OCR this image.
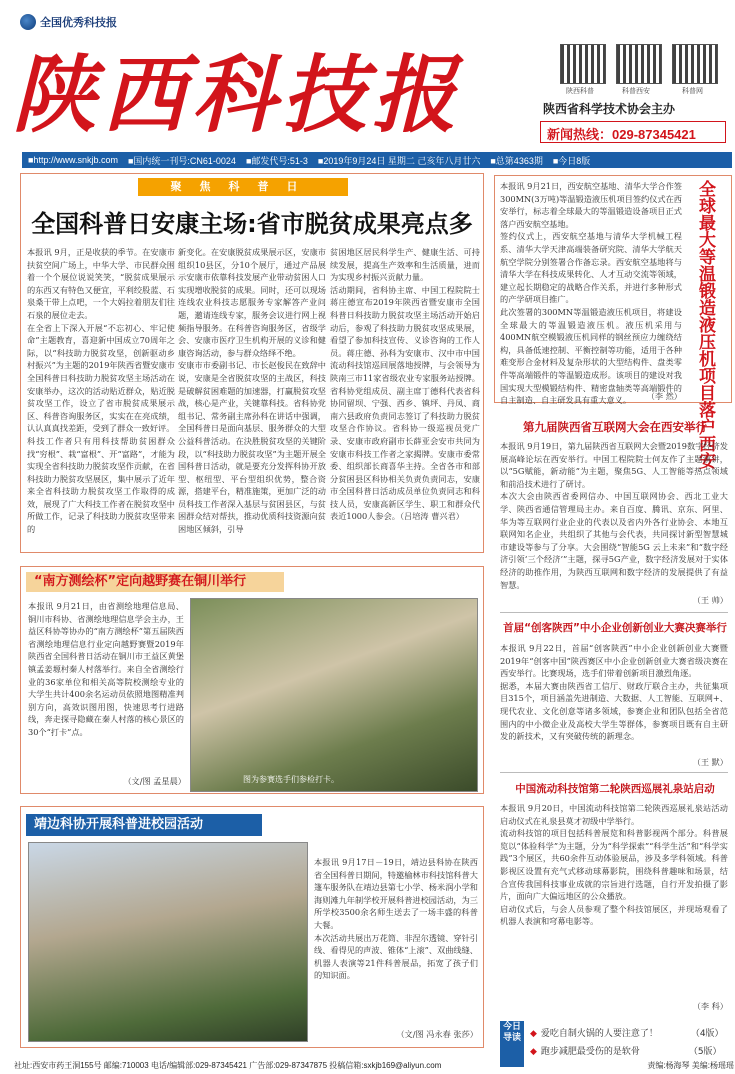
全国优秀科技报
陕西科技报	陕西科普	科普西安	科普网
陕西省科学技术协会主办
新闻热线：029-87345421
■http://www.snkjb.com ■国内统一刊号:CN61-0024 ■邮发代号:51-3 ■2019年9月24日 星期二 己亥年八月廿六 ■总第4363期 ■今日8版
聚焦科普日
全国科普日安康主场:省市脱贫成果亮点多
本报讯 9月，正是收获的季节。在安康市扶贫空间广场上，中华大学、市民群众围着一个个展位说说笑笑，“脱贫成果展示的东西又有特色又便宜，平利绞股蓝、石泉桑干带上点吧，一个大妈拉着朋友们往石泉的展位走去。
在全省上下深入开展“不忘初心、牢记使命”主题教育，喜迎新中国成立70周年之际，以“科技助力脱贫攻坚，创新驱动乡村振兴”为主题的2019年陕西省暨安康市全国科普日科技助力脱贫攻坚主场活动在安康举办，这次的活动贴近群众，贴近脱贫攻坚工作，设立了省市脱贫成果展示区、科普咨询服务区，实实在在亮成绩，认认真真找差距，受到了群众一致好评。
科技工作者只有用科技帮助贫困群众找“穷根”、栽“富根”、开“富路”，才能为实现全省科技助力脱贫攻坚作贡献，在省科技助力脱贫攻坚展区，集中展示了近年来全省科技助力脱贫攻坚工作取得的成效，展现了广大科技工作者在脱贫攻坚中所做工作，记录了科技助力脱贫攻坚带来的
新变化。在安康脱贫成果展示区，安康市组织10县区，分10个展厅，通过产品展示安康市依靠科技发展产业带动贫困人口实现增收脱贫的成果。同时，还可以现场连线农业科技志愿服务专家解答产业问题，邀请连线专家，服务会议进行网上视频指导服务。在科普咨询服务区，省级学会、安康市医疗卫生机构开展的义诊和健康咨询活动，参与群众络绎不绝。
安康市市委副书记、市长赵俊民在致辞中说，安康是全省脱贫攻坚的主战区，科技是破解贫困难题的加速器，打赢脱贫攻坚战，核心是产业，关键靠科技。省科协党组书记、常务副主席孙科在讲话中强调，全国科普日是面向基层、服务群众的大型公益科普活动。在決胜脱贫攻坚的关键阶段，以“科技助力脱贫攻坚”为主题开展全国科普日活动，就是要充分发挥科协开放型、枢纽型、平台型组织优势，整合资源，搭建平台，精准施策，更加广泛的动员科技工作者深入基层与贫困县区，与贫困群众结对帮扶，推动优质科技资源向贫困地区倾斜，引导
贫困地区居民科学生产、健康生活、可持续发展，提高生产效率和生活质量，进而为实现乡村振兴贡献力量。
活动期间，省科协主席、中国工程院院士蒋庄德宣布2019年陕西省暨安康市全国科普日科技助力脱贫攻坚主场活动开始启动后，参观了科技助力脱贫攻坚成果展，看望了参加科技宣传、义诊咨询的工作人员。蒋庄德、孙科为安康市、汉中市中国流动科技馆巡回展落地授牌，与会领导为陕南三市11家省级农业专家服务站授牌。省科协党组成员、副主席丁德科代表省科协同留坝、宁强、西乡、镇坪、丹凤、商南六县政府负责同志签订了科技助力脱贫攻坚合作协议。省科协一级巡视员党广录、安康市政府副市长薛亚会安市共同为安康市科技工作者之家揭牌。安康市委常委、组织部长商喜华主持。全省各市和部分贫困县区科协相关负责负责同志，安康市全国科普日活动成员单位负责同志和科技人员，安康高新区学生、职工和群众代表近1000人参会。（吕培涛 曹兴君）
“南方测绘杯”定向越野赛在铜川举行
本报讯 9月21日，由省测绘地理信息局、铜川市科协、省测绘地理信息学会主办，王益区科协等协办的“南方测绘杯”第五届陕西省测绘地理信息行业定向越野赛暨2019年陕西省全国科普日活动在铜川市王益区黄堡镇孟姜塬村秦人村落举行。来自全省测绘行业的36家单位和相关高等院校测绘专业的大学生共计400余名运动员依照地图精准判别方向，高效识图用图，快速思考行进路线，奔走探寻隐藏在秦人村落的核心景区的30个“打卡”点。
（文/图 孟星晨）	图为参赛选手们参检打卡。
靖边科协开展科普进校园活动
本报讯 9月17日－19日，靖边县科协在陕西省全国科普日期间，特邀榆林市科技馆科普大篷车服务队在靖边县第七小学、杨米润小学和海则滩九年制学校开展科普进校园活动，为三所学校3500余名师生送去了一场丰盛的科普大餐。
本次活动共展出万花筒、非涅尔透镜、穿针引线、看得见的声波、锥体“上滚”、双曲线缝、机器人表演等21件科普展品，拓宽了孩子们的知识面。
（文/图 冯永春 张莎）
本报讯 9月21日，西安航空基地、清华大学合作签300MN(3万吨)等温锻造液压机项目签约仪式在西安举行，标志着全球最大的等温锻造设备项目正式落户西安航空基地。
签约仪式上，西安航空基地与清华大学机械工程系、清华大学天津高端装备研究院、清华大学航天航空学院分别签署合作备忘录。西安航空基地将与清华大学在科技成果转化、人才互动交流等领域，建立起长期稳定的战略合作关系，并进行多种形式的产学研项目推广。
此次签署的300MN等温锻造液压机项目，将建设全球最大的等温锻造液压机。液压机采用与400MN航空模锻液压机同样的钢丝预应力缠绕结构，具备低速控制、平衡控制等功能，适用于各种难变形合金材料及复杂形状的大型结构件、盘类零件等高端锻件的等温锻造成形。该项目的建设对我国实现大型模锻结构件、精密盘轴类等高端锻件的自主制造、自主研发具有重大意义。	全球最大等温锻造液压机项目落户西安
（李 然）
第九届陕西省互联网大会在西安举行
本报讯 9月19日，第九届陕西省互联网大会暨2019数字经济发展高峰论坛在西安举行。中国工程院院士何友作了主题演讲，以“5G赋能，新动能”为主题，聚焦5G、人工智能等热点领域和前沿技术进行了研讨。
本次大会由陕西省委网信办、中国互联网协会、西北工业大学、陕西省通信管理局主办。来自百度、腾讯、京东、阿里、华为等互联网行业企业的代表以及省内外各行业协会、本地互联网知名企业，共组织了其他与会代表，共同探讨新型智慧城市建设等参与了分享。大会围绕“智能5G 云上未来”和“数字经济引领‘三个经济’”主题，探寻5G产业，数字经济发展对于实体经济的助推作用，为陕西互联网和数字经济的发展提供了有益智慧。
（王 帅）
首届“创客陕西”中小企业创新创业大赛决赛举行
本报讯 9月22日，首届“创客陕西”中小企业创新创业大赛暨2019年“创客中国”陕西赛区中小企业创新创业大赛省级决赛在西安举行。比赛现场，选手们带着创新项目激烈角逐。
据悉，本届大赛由陕西省工信厅、财政厅联合主办，共征集项目315个，项目涵盖先进制造、大数据、人工智能、互联网+、现代农业、文化创意等诸多领域，参赛企业和团队包括全省范围内的中小微企业及高校大学生等群体，参赛项目既有自主研发的新技术，又有突破传统的新理念。
（王 默）
中国流动科技馆第二轮陕西巡展礼泉站启动
本报讯 9月20日，中国流动科技馆第二轮陕西巡展礼泉站活动启动仪式在礼泉县莫才初级中学举行。
流动科技馆的项目包括科普展览和科普影视两个部分。科普展览以“体验科学”为主题，分为“科学探索”“科学生活”和“科学实践”3个展区，共60余件互动体验展品，涉及多学科领域。科普影视区设置有充气式移动球幕影院，围绕科普趣味和场景，结合宣传我国科技事业成就的宗旨进行选题，自行开发拍摄了影片，面向广大偏远地区的公众播放。
启动仪式后，与会人员参观了整个科技馆展区，并现场观看了机器人表演和穹幕电影等。
（李 科）
今日导读	◆ 爱吃自制火锅的人要注意了！	（4版）
◆ 跑步减肥最受伤的是软骨	（5版）
社址:西安市药王洞155号 邮编:710003 电话/编辑部:029-87345421 广告部:029-87347875 投稿信箱:sxkjb169@aliyun.com	责编:杨海琴 美编:杨瑶瑶
